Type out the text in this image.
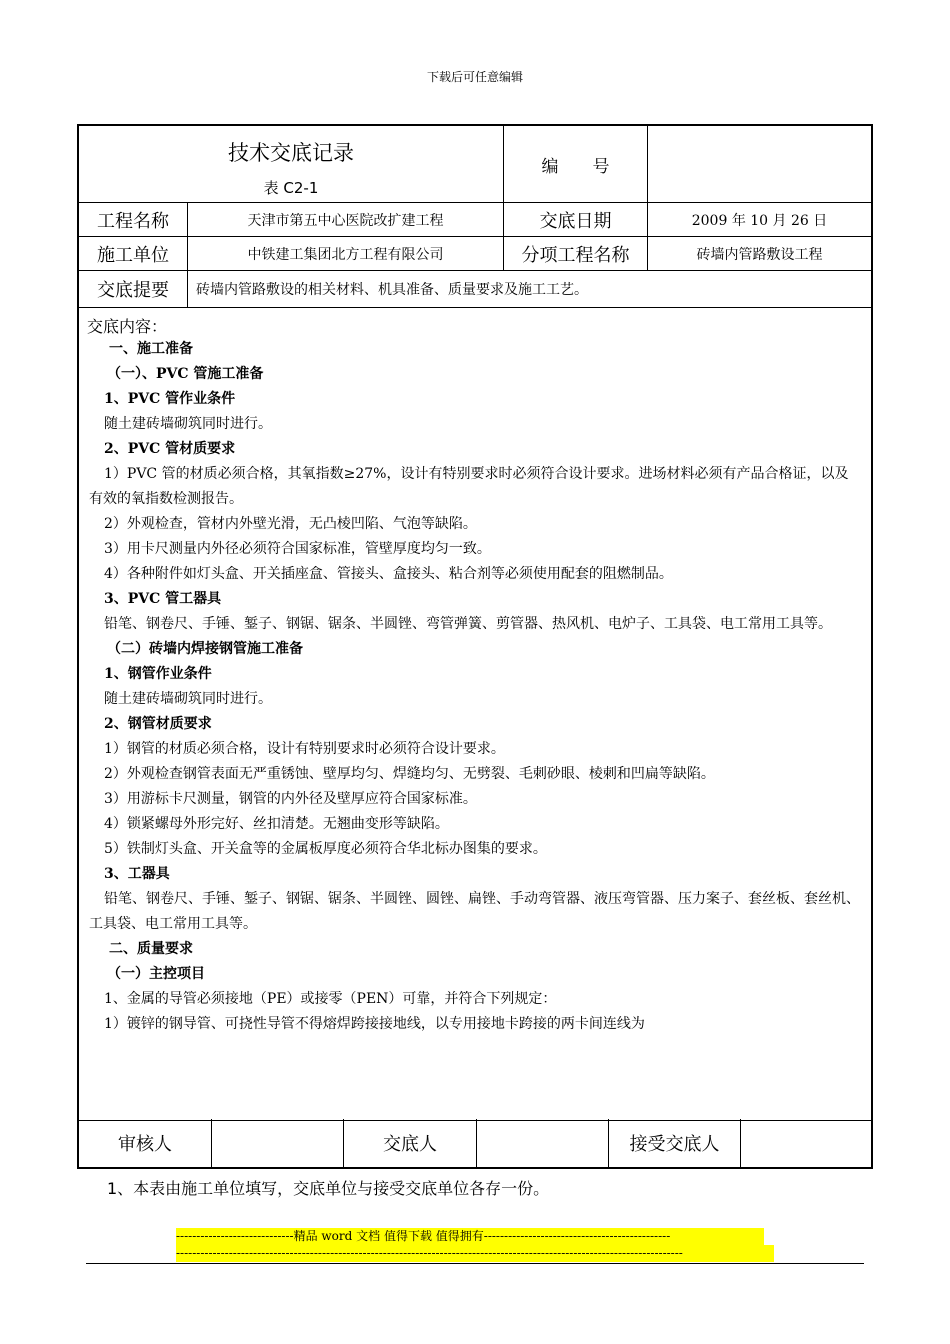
下载后可任意编辑
技术交底记录
表 C2-1
编　　号
工程名称	天津市第五中心医院改扩建工程	交底日期	2009 年 10 月 26 日
施工单位	中铁建工集团北方工程有限公司	分项工程名称	砖墙内管路敷设工程
交底提要	砖墙内管路敷设的相关材料、机具准备、质量要求及施工工艺。
交底内容：

一、施工准备

（一）、PVC 管施工准备

1、PVC 管作业条件

随土建砖墙砌筑同时进行。

2、PVC 管材质要求

1）PVC 管的材质必须合格，其氧指数≥27%，设计有特别要求时必须符合设计要求。进场材料必须有产品合格证，以及有效的氧指数检测报告。

2）外观检查，管材内外壁光滑，无凸棱凹陷、气泡等缺陷。

3）用卡尺测量内外径必须符合国家标准，管壁厚度均匀一致。

4）各种附件如灯头盒、开关插座盒、管接头、盒接头、粘合剂等必须使用配套的阻燃制品。

3、PVC 管工器具

铅笔、钢卷尺、手锤、錾子、钢锯、锯条、半圆锉、弯管弹簧、剪管器、热风机、电炉子、工具袋、电工常用工具等。

（二）砖墙内焊接钢管施工准备

1、钢管作业条件

随土建砖墙砌筑同时进行。

2、钢管材质要求

1）钢管的材质必须合格，设计有特别要求时必须符合设计要求。

2）外观检查钢管表面无严重锈蚀、壁厚均匀、焊缝均匀、无劈裂、毛刺砂眼、棱刺和凹扁等缺陷。

3）用游标卡尺测量，钢管的内外径及壁厚应符合国家标准。

4）锁紧螺母外形完好、丝扣清楚。无翘曲变形等缺陷。

5）铁制灯头盒、开关盒等的金属板厚度必须符合华北标办图集的要求。

3、工器具

铅笔、钢卷尺、手锤、錾子、钢锯、锯条、半圆锉、圆锉、扁锉、手动弯管器、液压弯管器、压力案子、套丝板、套丝机、工具袋、电工常用工具等。

二、质量要求

（一）主控项目

1、金属的导管必须接地（PE）或接零（PEN）可靠，并符合下列规定：

1）镀锌的钢导管、可挠性导管不得熔焊跨接接地线，以专用接地卡跨接的两卡间连线为

审核人	交底人	接受交底人
1、本表由施工单位填写，交底单位与接受交底单位各存一份。
-----------------------------精品 word 文档 值得下载 值得拥有----------------------------------------------
-----------------------------------------------------------------------------------------------------------------------------
